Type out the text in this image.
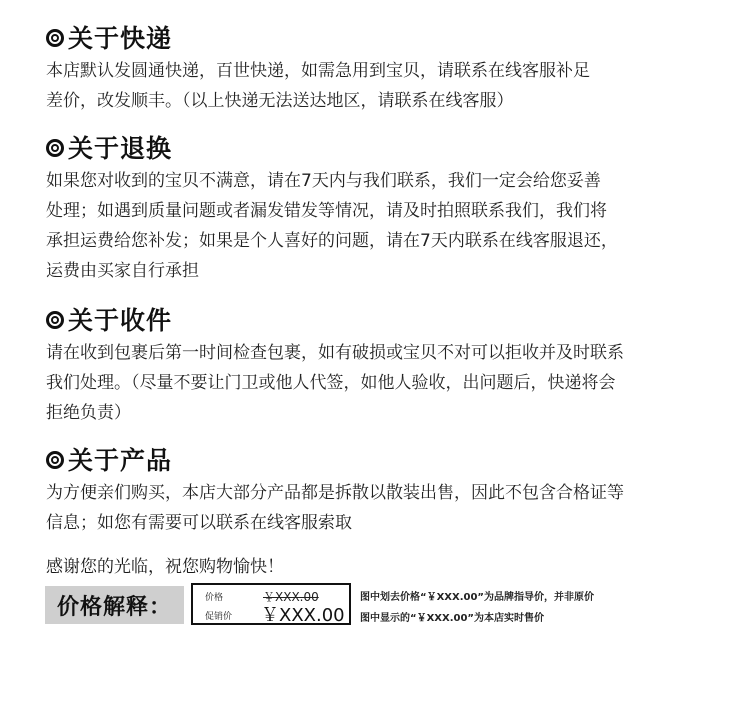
关于快递
本店默认发圆通快递，百世快递，如需急用到宝贝，请联系在线客服补足
差价，改发顺丰。（以上快递无法送达地区，请联系在线客服）
关于退换
如果您对收到的宝贝不满意，请在7天内与我们联系，我们一定会给您妥善
处理；如遇到质量问题或者漏发错发等情况，请及时拍照联系我们，我们将
承担运费给您补发；如果是个人喜好的问题，请在7天内联系在线客服退还，
运费由买家自行承担
关于收件
请在收到包裹后第一时间检查包裹，如有破损或宝贝不对可以拒收并及时联系
我们处理。（尽量不要让门卫或他人代签，如他人验收，出问题后，快递将会
拒绝负责）
关于产品
为方便亲们购买，本店大部分产品都是拆散以散装出售，因此不包含合格证等
信息；如您有需要可以联系在线客服索取
感谢您的光临，祝您购物愉快！
价格解释：	价格	￥XXX.00
促销价 ￥XXX.00
图中划去价格“￥XXX.00”为品牌指导价，并非原价
图中显示的“￥XXX.00”为本店实时售价
